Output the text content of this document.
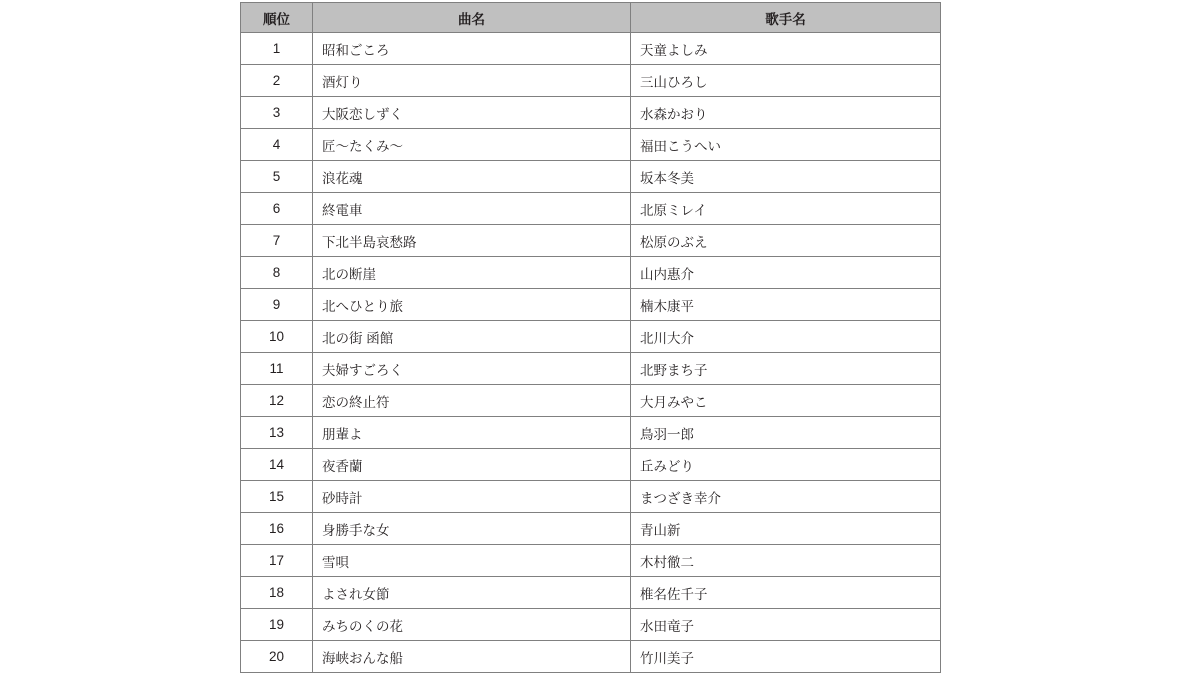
順位	曲名	歌手名
1	昭和ごころ	天童よしみ
2	酒灯り	三山ひろし
3	大阪恋しずく	水森かおり
4	匠〜たくみ〜	福田こうへい
5	浪花魂	坂本冬美
6	終電車	北原ミレイ
7	下北半島哀愁路	松原のぶえ
8	北の断崖	山内惠介
9	北へひとり旅	楠木康平
10	北の街 函館	北川大介
11	夫婦すごろく	北野まち子
12	恋の終止符	大月みやこ
13	朋輩よ	鳥羽一郎
14	夜香蘭	丘みどり
15	砂時計	まつざき幸介
16	身勝手な女	青山新
17	雪唄	木村徹二
18	よされ女節	椎名佐千子
19	みちのくの花	水田竜子
20	海峡おんな船	竹川美子
